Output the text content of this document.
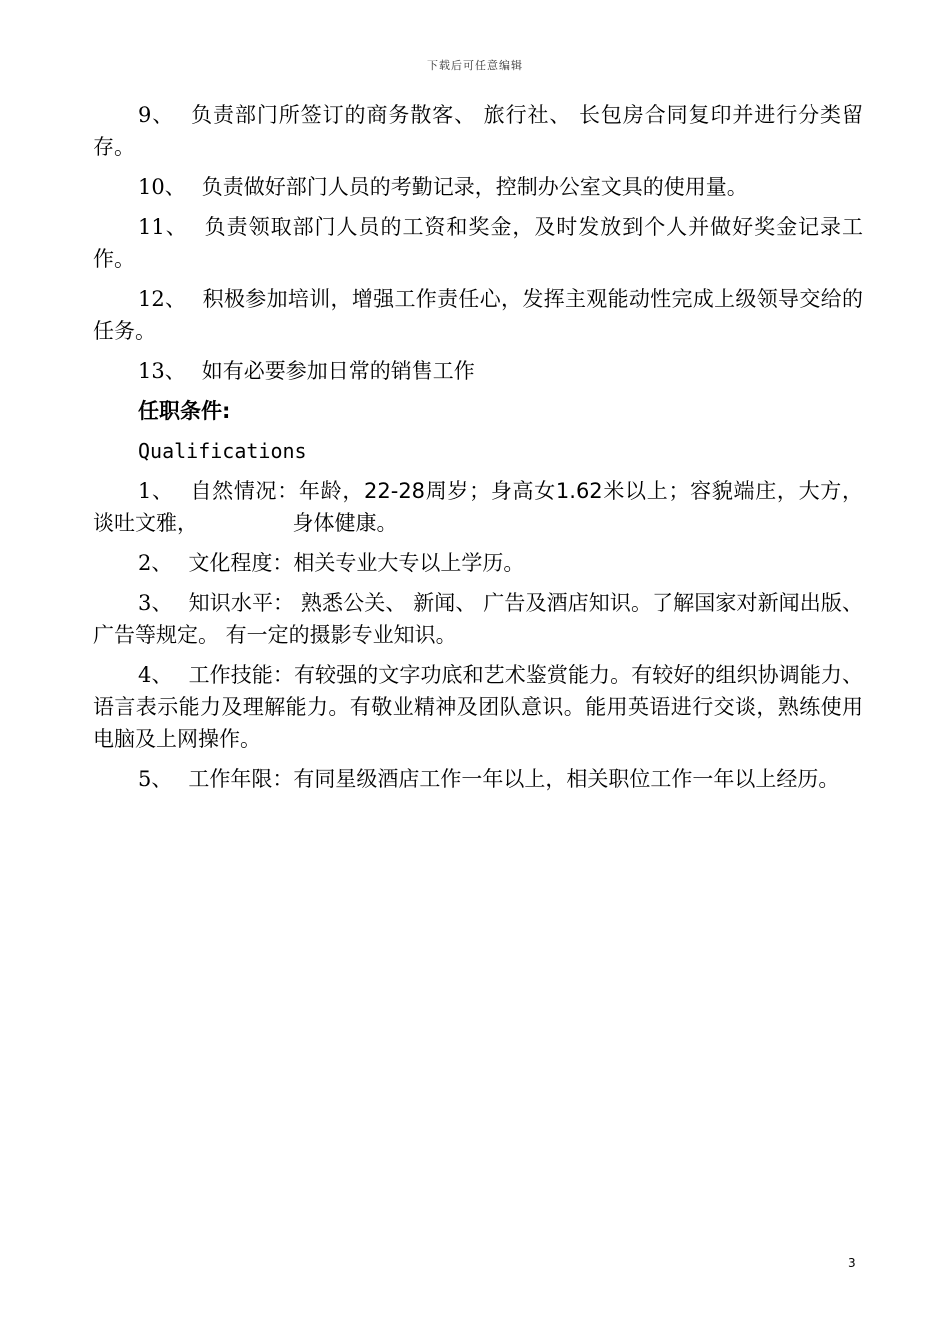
下载后可任意编辑

9、 负责部门所签订的商务散客、 旅行社、 长包房合同复印并进行分类留存。

10、 负责做好部门人员的考勤记录，控制办公室文具的使用量。

11、 负责领取部门人员的工资和奖金，及时发放到个人并做好奖金记录工作。

12、 积极参加培训，增强工作责任心，发挥主观能动性完成上级领导交给的任务。

13、 如有必要参加日常的销售工作

任职条件:
Qualifications

1、 自然情况：年龄，22-28周岁；身高女1.62米以上；容貌端庄，大方，谈吐文雅，　　　　　身体健康。

2、 文化程度：相关专业大专以上学历。

3、 知识水平： 熟悉公关、 新闻、 广告及酒店知识。了解国家对新闻出版、 广告等规定。 有一定的摄影专业知识。

4、 工作技能：有较强的文字功底和艺术鉴赏能力。有较好的组织协调能力、 语言表示能力及理解能力。有敬业精神及团队意识。能用英语进行交谈，熟练使用电脑及上网操作。

5、 工作年限：有同星级酒店工作一年以上，相关职位工作一年以上经历。

3
